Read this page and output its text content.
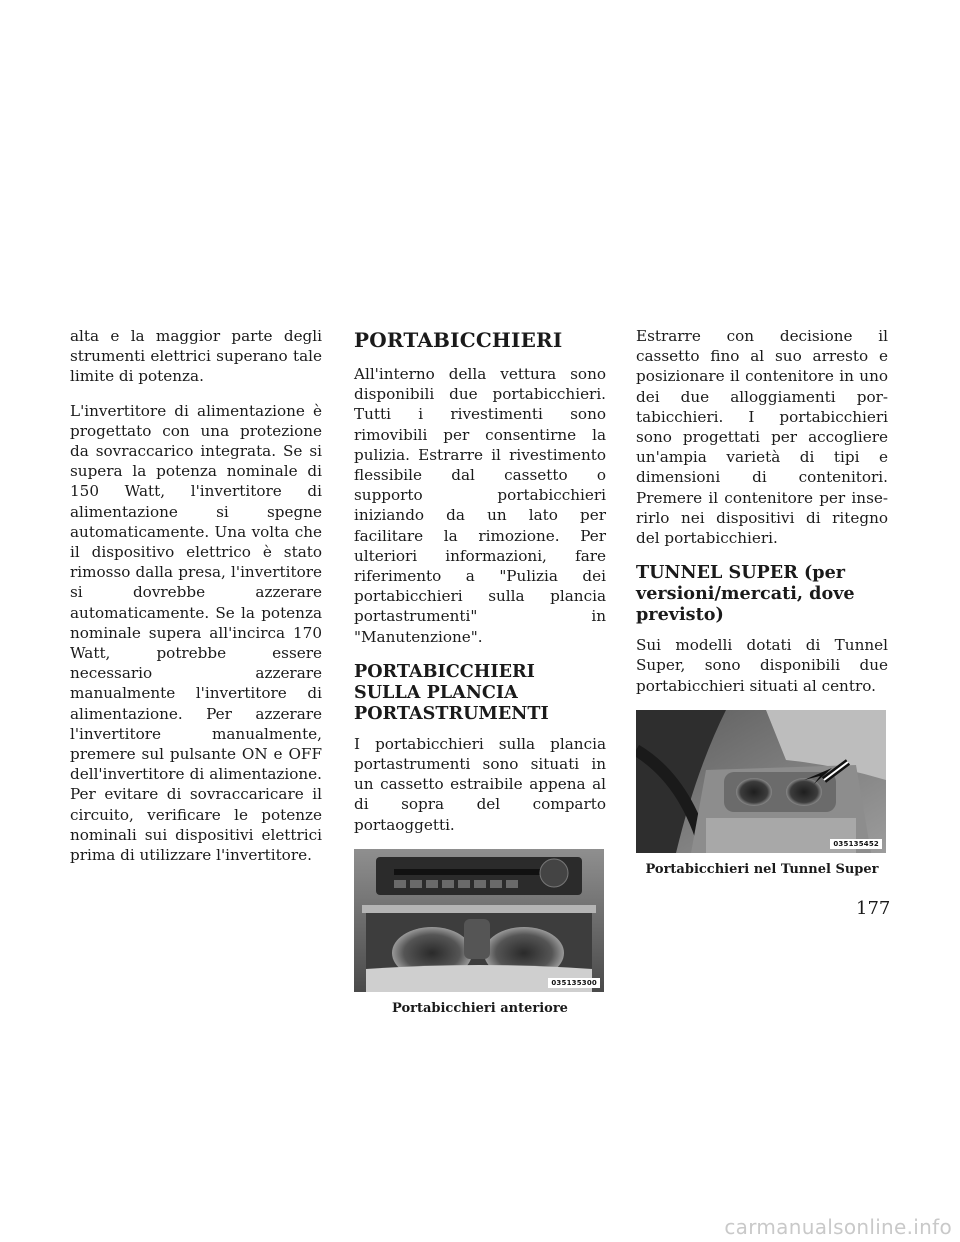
alta e la maggior parte degli strumenti elettrici superano tale limite di potenza.

L'invertitore di alimentazione è progettato con una protezione da sovraccarico integrata. Se si supera la potenza nominale di 150 Watt, l'invertitore di alimentazione si spegne automaticamente. Una volta che il dispositivo elettrico è stato rimosso dalla presa, l'invertitore si dovrebbe azzerare automaticamente. Se la potenza nominale supera all'incirca 170 Watt, potrebbe essere necessario azzerare manualmente l'invertitore di alimentazione. Per azzerare l'invertitore manualmente, premere sul pulsante ON e OFF dell'invertitore di alimentazione. Per evitare di sovraccaricare il circuito, verificare le potenze nominali sui dispositivi elettrici prima di utilizzare l'invertitore.

PORTABICCHIERI

All'interno della vettura sono disponibili due portabicchieri. Tutti i rivestimenti sono rimovibili per consentirne la pulizia. Estrarre il rivestimento flessibile dal cassetto o supporto portabicchieri iniziando da un lato per facilitare la rimozione. Per ulteriori informazioni, fare riferimento a "Pulizia dei portabicchieri sulla plancia portastrumenti" in "Manutenzione".

PORTABICCHIERI SULLA PLANCIA PORTASTRUMENTI

I portabicchieri sulla plancia portastrumenti sono situati in un cassetto estraibile appena al di sopra del comparto portaoggetti.

035135300
Portabicchieri anteriore

Estrarre con decisione il cassetto fino al suo arresto e posizionare il contenitore in uno dei due alloggiamenti portabicchieri. I portabicchieri sono progettati per accogliere un'ampia varietà di tipi e dimensioni di contenitori. Premere il contenitore per inserirlo nei dispositivi di ritegno del portabicchieri.

TUNNEL SUPER (per versioni/mercati, dove previsto)

Sui modelli dotati di Tunnel Super, sono disponibili due portabicchieri situati al centro.

035135452
Portabicchieri nel Tunnel Super
177
carmanualsonline.info
